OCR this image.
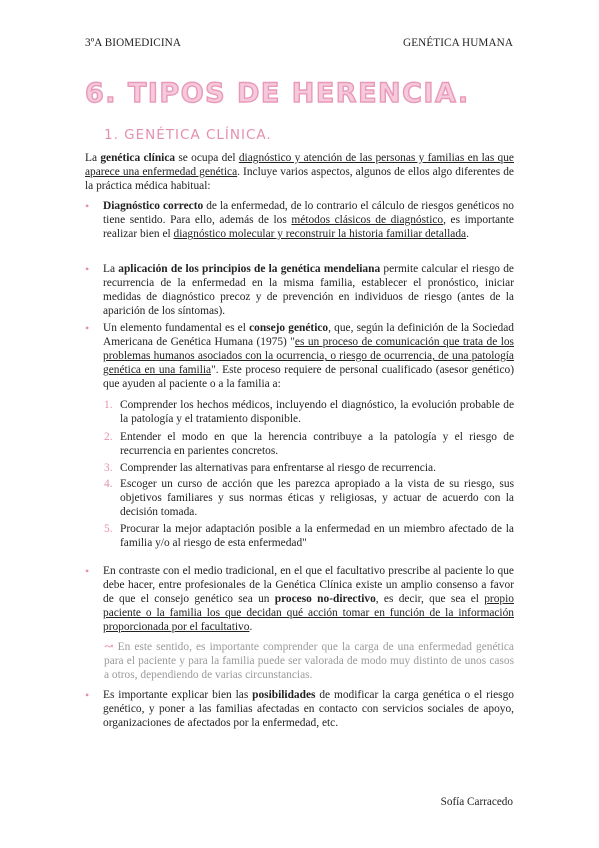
3ºA BIOMEDICINA	GENÉTICA HUMANA
6. TIPOS DE HERENCIA.
1. GENÉTICA CLÍNICA.
La genética clínica se ocupa del diagnóstico y atención de las personas y familias en las que aparece una enfermedad genética. Incluye varios aspectos, algunos de ellos algo diferentes de la práctica médica habitual:
• Diagnóstico correcto de la enfermedad, de lo contrario el cálculo de riesgos genéticos no tiene sentido. Para ello, además de los métodos clásicos de diagnóstico, es importante realizar bien el diagnóstico molecular y reconstruir la historia familiar detallada.
• La aplicación de los principios de la genética mendeliana permite calcular el riesgo de recurrencia de la enfermedad en la misma familia, establecer el pronóstico, iniciar medidas de diagnóstico precoz y de prevención en individuos de riesgo (antes de la aparición de los síntomas).
• Un elemento fundamental es el consejo genético, que, según la definición de la Sociedad Americana de Genética Humana (1975) "es un proceso de comunicación que trata de los problemas humanos asociados con la ocurrencia, o riesgo de ocurrencia, de una patología genética en una familia". Este proceso requiere de personal cualificado (asesor genético) que ayuden al paciente o a la familia a:
1. Comprender los hechos médicos, incluyendo el diagnóstico, la evolución probable de la patología y el tratamiento disponible.
2. Entender el modo en que la herencia contribuye a la patología y el riesgo de recurrencia en parientes concretos.
3. Comprender las alternativas para enfrentarse al riesgo de recurrencia.
4. Escoger un curso de acción que les parezca apropiado a la vista de su riesgo, sus objetivos familiares y sus normas éticas y religiosas, y actuar de acuerdo con la decisión tomada.
5. Procurar la mejor adaptación posible a la enfermedad en un miembro afectado de la familia y/o al riesgo de esta enfermedad"
• En contraste con el medio tradicional, en el que el facultativo prescribe al paciente lo que debe hacer, entre profesionales de la Genética Clínica existe un amplio consenso a favor de que el consejo genético sea un proceso no-directivo, es decir, que sea el propio paciente o la familia los que decidan qué acción tomar en función de la información proporcionada por el facultativo.
↝ En este sentido, es importante comprender que la carga de una enfermedad genética para el paciente y para la familia puede ser valorada de modo muy distinto de unos casos a otros, dependiendo de varias circunstancias.
• Es importante explicar bien las posibilidades de modificar la carga genética o el riesgo genético, y poner a las familias afectadas en contacto con servicios sociales de apoyo, organizaciones de afectados por la enfermedad, etc.
Sofía Carracedo
